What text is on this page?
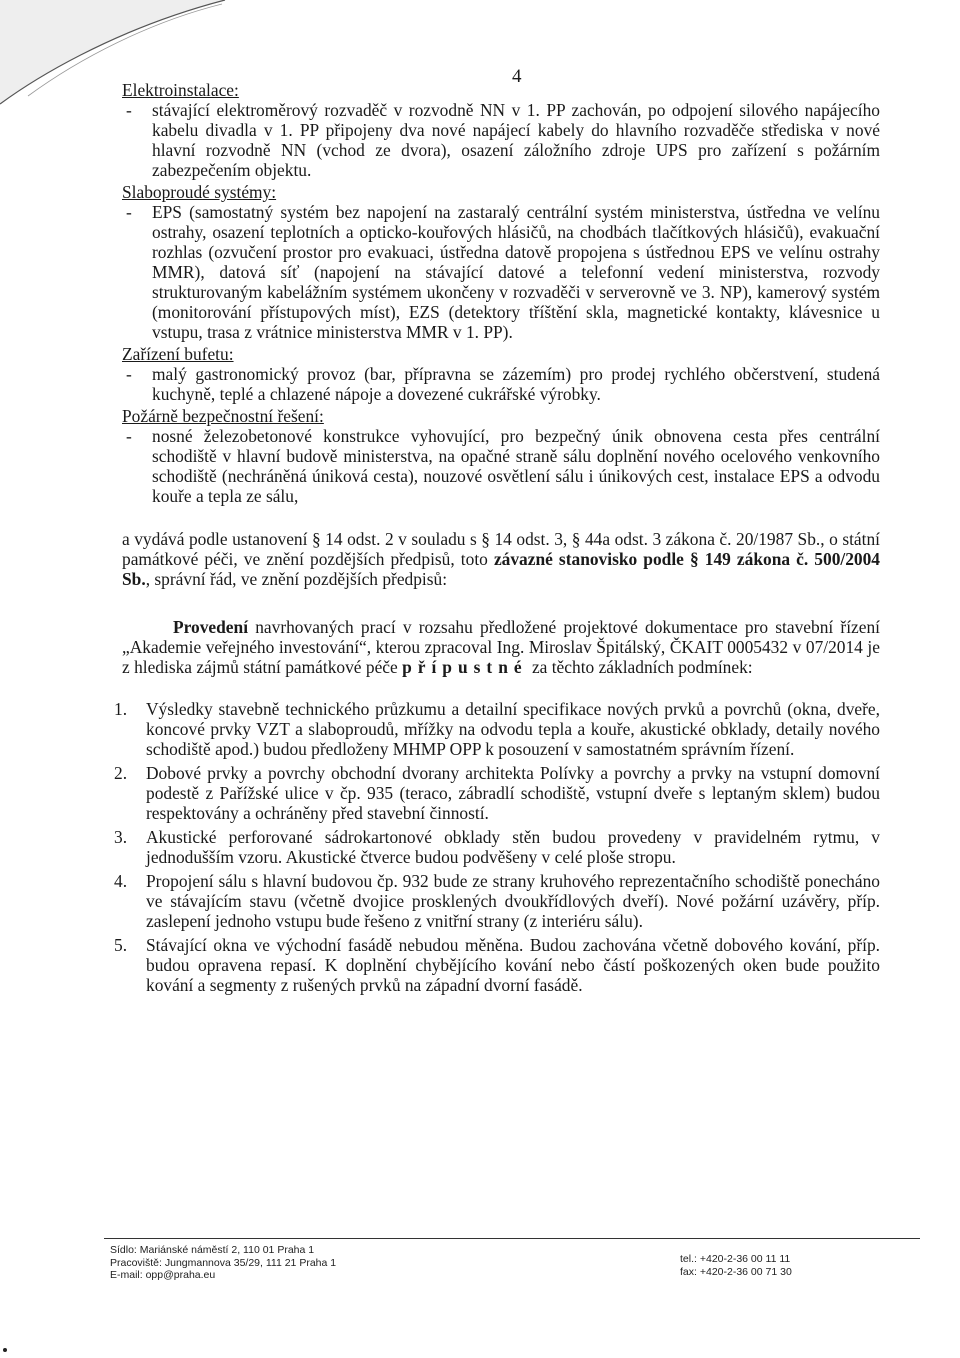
4

Elektroinstalace:

- stávající elektroměrový rozvaděč v rozvodně NN v 1. PP zachován, po odpojení silového napájecího kabelu divadla v 1. PP připojeny dva nové napájecí kabely do hlavního rozvaděče střediska v nové hlavní rozvodně NN (vchod ze dvora), osazení záložního zdroje UPS pro zařízení s požárním zabezpečením objektu.

Slaboproudé systémy:

- EPS (samostatný systém bez napojení na zastaralý centrální systém ministerstva, ústředna ve velínu ostrahy, osazení teplotních a opticko-kouřových hlásičů, na chodbách tlačítkových hlásičů), evakuační rozhlas (ozvučení prostor pro evakuaci, ústředna datově propojena s ústřednou EPS ve velínu ostrahy MMR), datová síť (napojení na stávající datové a telefonní vedení ministerstva, rozvody strukturovaným kabelážním systémem ukončeny v rozvaděči v serverovně ve 3. NP), kamerový systém (monitorování přístupových míst), EZS (detektory tříštění skla, magnetické kontakty, klávesnice u vstupu, trasa z vrátnice ministerstva MMR v 1. PP).

Zařízení bufetu:

- malý gastronomický provoz (bar, přípravna se zázemím) pro prodej rychlého občerstvení, studená kuchyně, teplé a chlazené nápoje a dovezené cukrářské výrobky.

Požárně bezpečnostní řešení:

- nosné železobetonové konstrukce vyhovující, pro bezpečný únik obnovena cesta přes centrální schodiště v hlavní budově ministerstva, na opačné straně sálu doplnění nového ocelového venkovního schodiště (nechráněná úniková cesta), nouzové osvětlení sálu i únikových cest, instalace EPS a odvodu kouře a tepla ze sálu,

a vydává podle ustanovení § 14 odst. 2 v souladu s § 14 odst. 3, § 44a odst. 3 zákona č. 20/1987 Sb., o státní památkové péči, ve znění pozdějších předpisů, toto závazné stanovisko podle § 149 zákona č. 500/2004 Sb., správní řád, ve znění pozdějších předpisů:

Provedení navrhovaných prací v rozsahu předložené projektové dokumentace pro stavební řízení „Akademie veřejného investování“, kterou zpracoval Ing. Miroslav Špitálský, ČKAIT 0005432 v 07/2014 je z hlediska zájmů státní památkové péče přípustné za těchto základních podmínek:

1. Výsledky stavebně technického průzkumu a detailní specifikace nových prvků a povrchů (okna, dveře, koncové prvky VZT a slaboproudů, mřížky na odvodu tepla a kouře, akustické obklady, detaily nového schodiště apod.) budou předloženy MHMP OPP k posouzení v samostatném správním řízení.
2. Dobové prvky a povrchy obchodní dvorany architekta Polívky a povrchy a prvky na vstupní domovní podestě z Pařížské ulice v čp. 935 (teraco, zábradlí schodiště, vstupní dveře s leptaným sklem) budou respektovány a ochráněny před stavební činností.
3. Akustické perforované sádrokartonové obklady stěn budou provedeny v pravidelném rytmu, v jednodušším vzoru. Akustické čtverce budou podvěšeny v celé ploše stropu.
4. Propojení sálu s hlavní budovou čp. 932 bude ze strany kruhového reprezentačního schodiště ponecháno ve stávajícím stavu (včetně dvojice prosklených dvoukřídlových dveří). Nové požární uzávěry, příp. zaslepení jednoho vstupu bude řešeno z vnitřní strany (z interiéru sálu).
5. Stávající okna ve východní fasádě nebudou měněna. Budou zachována včetně dobového kování, příp. budou opravena repasí. K doplnění chybějícího kování nebo částí poškozených oken bude použito kování a segmenty z rušených prvků na západní dvorní fasádě.
Sídlo: Mariánské náměstí 2, 110 01 Praha 1
Pracoviště: Jungmannova 35/29, 111 21 Praha 1
E-mail: opp@praha.eu
tel.: +420-2-36 00 11 11
fax: +420-2-36 00 71 30
